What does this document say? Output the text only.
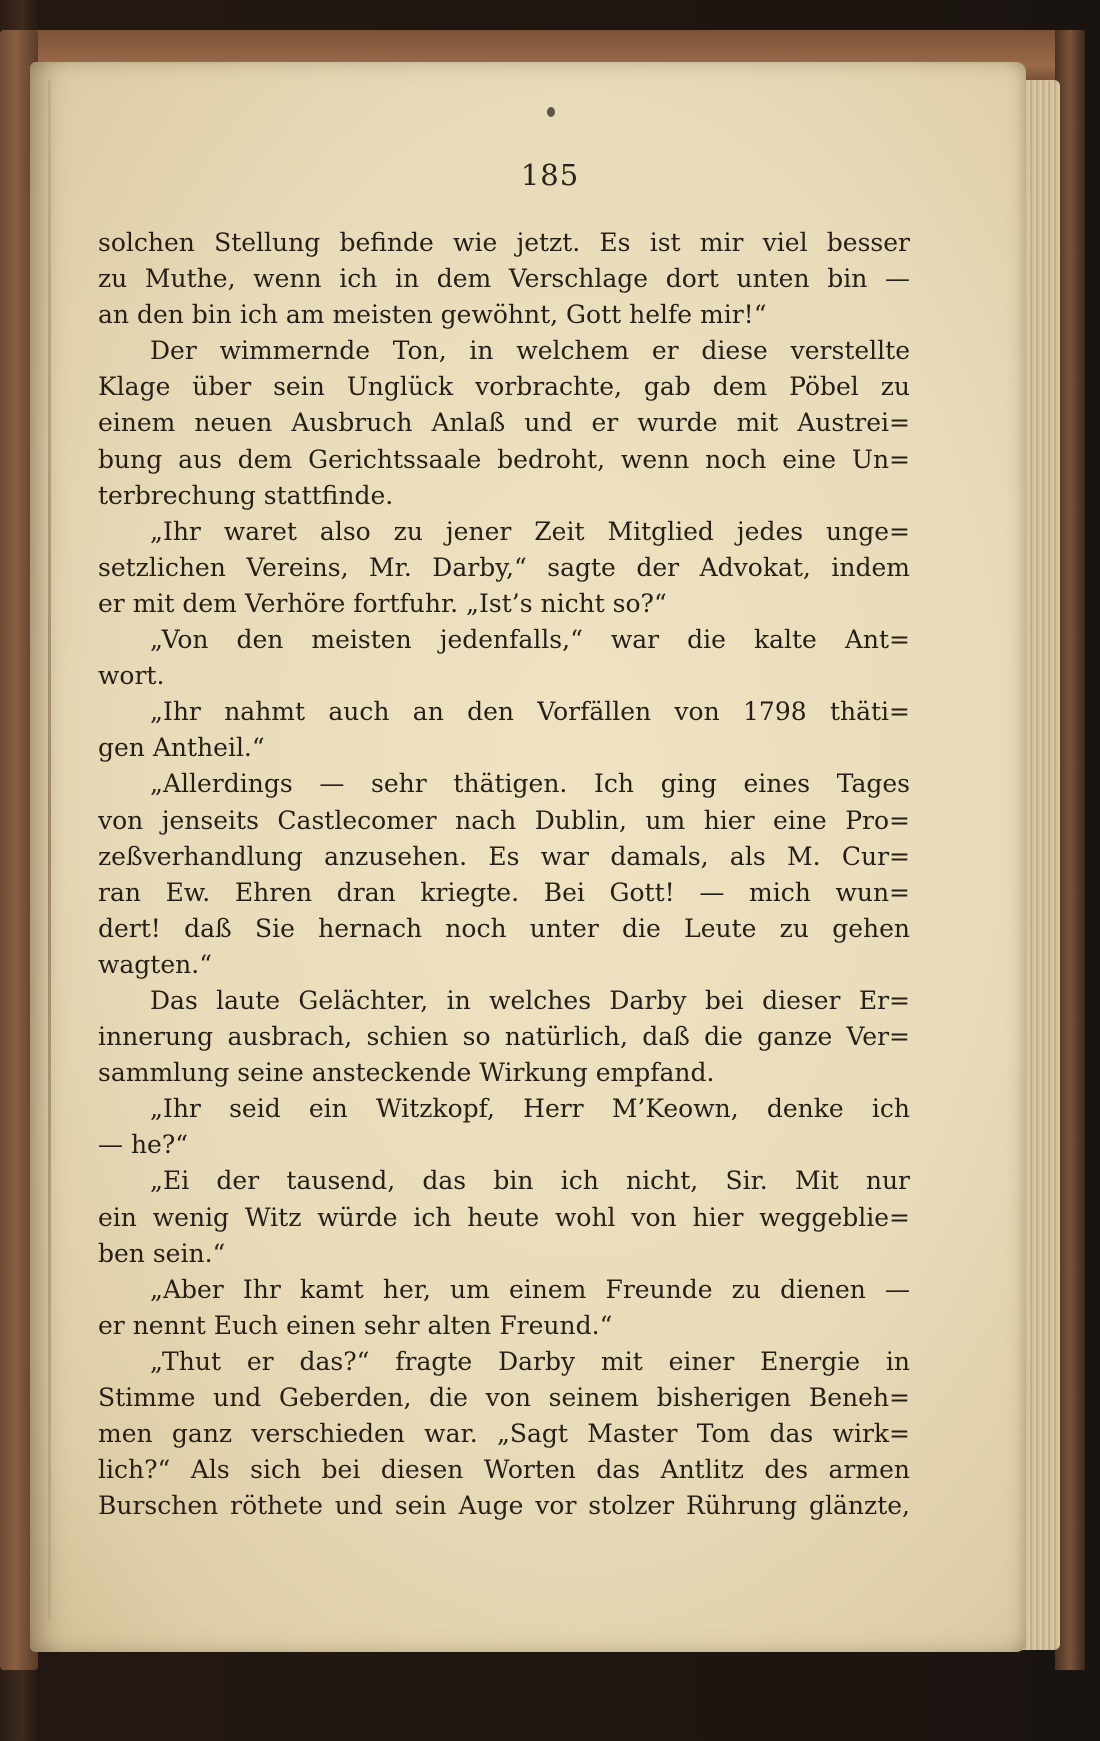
185
solchen Stellung befinde wie jetzt. Es ist mir viel besser
zu Muthe, wenn ich in dem Verschlage dort unten bin —
an den bin ich am meisten gewöhnt, Gott helfe mir!“
Der wimmernde Ton, in welchem er diese verstellte
Klage über sein Unglück vorbrachte, gab dem Pöbel zu
einem neuen Ausbruch Anlaß und er wurde mit Austrei=
bung aus dem Gerichtssaale bedroht, wenn noch eine Un=
terbrechung stattfinde.
„Ihr waret also zu jener Zeit Mitglied jedes unge=
setzlichen Vereins, Mr. Darby,“ sagte der Advokat, indem
er mit dem Verhöre fortfuhr. „Ist’s nicht so?“
„Von den meisten jedenfalls,“ war die kalte Ant=
wort.
„Ihr nahmt auch an den Vorfällen von 1798 thäti=
gen Antheil.“
„Allerdings — sehr thätigen. Ich ging eines Tages
von jenseits Castlecomer nach Dublin, um hier eine Pro=
zeßverhandlung anzusehen. Es war damals, als M. Cur=
ran Ew. Ehren dran kriegte. Bei Gott! — mich wun=
dert! daß Sie hernach noch unter die Leute zu gehen
wagten.“
Das laute Gelächter, in welches Darby bei dieser Er=
innerung ausbrach, schien so natürlich, daß die ganze Ver=
sammlung seine ansteckende Wirkung empfand.
„Ihr seid ein Witzkopf, Herr M’Keown, denke ich
— he?“
„Ei der tausend, das bin ich nicht, Sir. Mit nur
ein wenig Witz würde ich heute wohl von hier weggeblie=
ben sein.“
„Aber Ihr kamt her, um einem Freunde zu dienen —
er nennt Euch einen sehr alten Freund.“
„Thut er das?“ fragte Darby mit einer Energie in
Stimme und Geberden, die von seinem bisherigen Beneh=
men ganz verschieden war. „Sagt Master Tom das wirk=
lich?“ Als sich bei diesen Worten das Antlitz des armen
Burschen röthete und sein Auge vor stolzer Rührung glänzte,
